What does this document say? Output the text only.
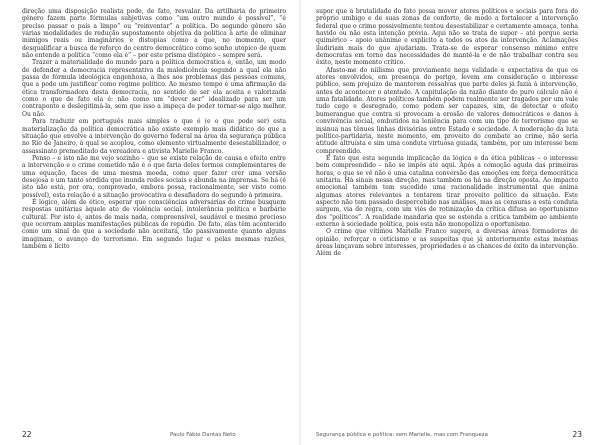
direção uma disposição realista pode, de fato, resvalar. Da artilharia do primeiro gênero fazem parte fórmulas subjetivas como “um outro mundo é possível”, “é preciso passar o país a limpo” ou “reinventar” a política. Do segundo gênero são várias modalidades de redução supostamente objetiva da política à arte de eliminar inimigos reais ou imaginários e distopias como a que, no momento, quer desqualificar a busca de reforço do centro democrático como sonho utópico de quem não entende a política “como ela é” – por este prisma distópico – sempre será.

Trazer a materialidade do mundo para a política democrática é, então, um modo de defender a democracia representativa da maledicência segundo a qual ela não passa de fórmula ideológica engenhosa, a lhes aos problemas das pessoas comuns, que a pode um justificar como regime político. Ao mesmo tempo é uma afirmação da ética transformadora desta democracia, no sentido de ser ela aceita e valorizada como o que de fato ela é: não como um “dever ser” idealizado para ser um contraponto e deslegitimá-la, sem que isso a impeça de poder tornar-se algo melhor. Ou não.

Para traduzir em português mais simples o que é (e o que pode ser) esta materialização da política democrática não existe exemplo mais didático do que a situação que envolve a intervenção do governo federal na área da segurança pública no Rio de Janeiro, à qual se acoplou, como elemento virtualmente desestabilizador, o assassinato premeditado da vereadora e ativista Marielle Franco.

Penso – e isto não me vejo sozinho – que se existe relação de causa e efeito entre a intervenção e o crime cometido não é o que faria deles termos complementares de uma equação, faces de uma mesma moeda, como quer fazer crer uma versão desejosa e um tanto sórdida que inunda redes sociais e abunda na imprensa. Se há (é isto não está, por ora, comprovado, embora possa, racionalmente, ser visto como possível), esta relação é a situação provocativa e desafiadora do segundo à primeira.

É lógico, além de ético, esperar que consciências adversárias do crime busquem respostas unitárias àquele ato de violência social, intolerância política e barbárie cultural. Por isto é, antes de mais nada, compreensível, saudável e mesmo precioso que ocorram amplas manifestações públicas de repúdio. De fato, elas têm acontecido como um sinal de que a sociedade não aceitará, tão passivamente quanto alguns imaginam, o avanço do terrorismo. Em segundo lugar e pelas mesmas razões, também é lícito

22	Paulo Fábio Dantas Neto

supor que a brutalidade do fato possa mover atores políticos e sociais para fora do próprio umbigo e de suas zonas de conforto, de modo a fortalecer a intervenção federal que o crime possivelmente tentou desestabilizar e certamente ameaça, tenha havido ou não esta intenção prévia. Aqui não se trata de supor – até porque seria quimérico – apoio unânime e explícito a todos os atos da intervenção. Aclamações iludiriam mais do que ajudariam. Trata-se de esperar consenso mínimo entre democratas em torno das necessidades de mantê-la e de não trabalhar contra seu êxito, neste momento crítico.

Afasto-me do niilismo que previamente nega validade e expectativa de que os atores envolvidos, em presença do perigo, levem em consideração o interesse público, sem prejuízo de manterem ressalvas que parte deles já fazia à intervenção, antes de acontecer o atentado. A capitulação da razão diante do puro cálculo não é uma fatalidade. Atores políticos também podem realmente ser tragados por um vale tudo cego e desregrado, como podem ser capazes, sim, de detectar o efeito bumerangue que contra si provocam a erosão de valores democráticos e danos à convivência social, embutidos na leniência para com um tipo de terrorismo que se insinua nas tênues linhas divisórias entre Estado e sociedade. A moderação da luta político-partidária, neste momento, em proveito do combate ao crime, não seria atitude altruísta e sim uma conduta virtuosa guiada, também, por um interesse bem compreendido.

É fato que esta segunda implicação da lógica e da ética públicas – o interesse bem compreendido – não se impôs até aqui. Após a comoção aguda das primeiras horas, o que se vê não é uma catalina conversão das emoções em força democrática unitária. Há sinais nessa direção, mas também os há na direção oposta. Ao impacto emocional também tem sucedido uma racionalidade instrumental que anima algumas atores relevantes a tentarem tirar proveito político da situação. Este aspecto não tem passado despercebido nas análises, mas as censuras a esta conduta surgem, via de regra, com um viés de rotinização da crítica difusa ao oportunismo dos “políticos”. A realidade mandaria que se estenda a crítica também ao ambiente externo à sociedade política, pois esta não monopoliza o oportunismo.

O crime que vitimou Marielle Franco sugere, a diversas áreas formadoras de opinião, reforçar o ceticismo e as suspeitas que já anteriormente estas mesmas áreas lançavam sobre interesses, propriedades e as chances de êxito da intervenção. Além de

Segurança pública e política: sem Marielle, mas com Franqueza	23
